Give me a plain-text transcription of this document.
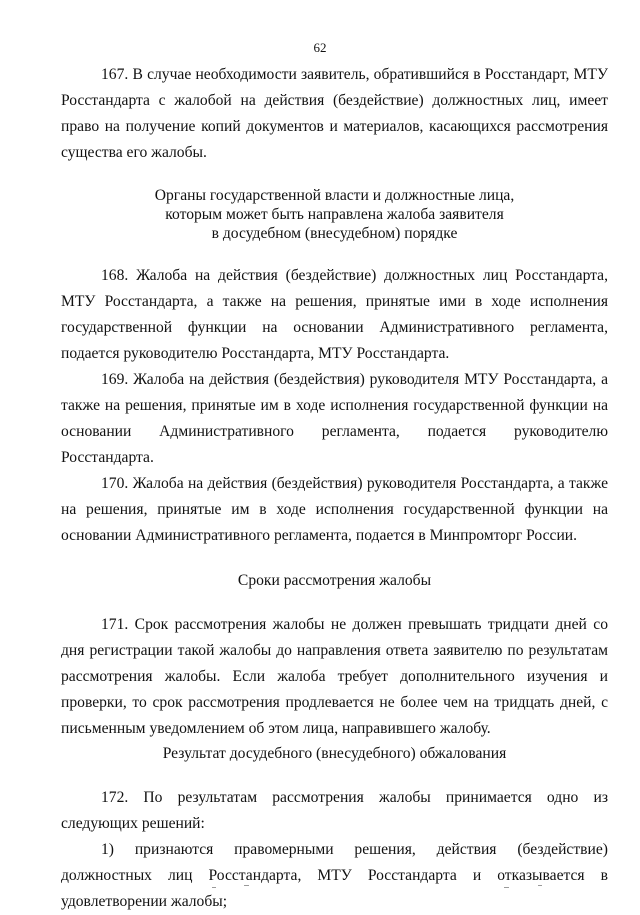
62

167. В случае необходимости заявитель, обратившийся в Росстандарт, МТУ Росстандарта с жалобой на действия (бездействие) должностных лиц, имеет право на получение копий документов и материалов, касающихся рассмотрения существа его жалобы.

Органы государственной власти и должностные лица,
которым может быть направлена жалоба заявителя
в досудебном (внесудебном) порядке

168. Жалоба на действия (бездействие) должностных лиц Росстандарта, МТУ Росстандарта, а также на решения, принятые ими в ходе исполнения государственной функции на основании Административного регламента, подается руководителю Росстандарта, МТУ Росстандарта.

169. Жалоба на действия (бездействия) руководителя МТУ Росстандарта, а также на решения, принятые им в ходе исполнения государственной функции на основании Административного регламента, подается руководителю Росстандарта.

170. Жалоба на действия (бездействия) руководителя Росстандарта, а также на решения, принятые им в ходе исполнения государственной функции на основании Административного регламента, подается в Минпромторг России.

Сроки рассмотрения жалобы

171. Срок рассмотрения жалобы не должен превышать тридцати дней со дня регистрации такой жалобы до направления ответа заявителю по результатам рассмотрения жалобы. Если жалоба требует дополнительного изучения и проверки, то срок рассмотрения продлевается не более чем на тридцать дней, с письменным уведомлением об этом лица, направившего жалобу.

Результат досудебного (внесудебного) обжалования

172. По результатам рассмотрения жалобы принимается одно из следующих решений:

1) признаются правомерными решения, действия (бездействие) должностных лиц Росстандарта, МТУ Росстандарта и отказывается в удовлетворении жалобы;
